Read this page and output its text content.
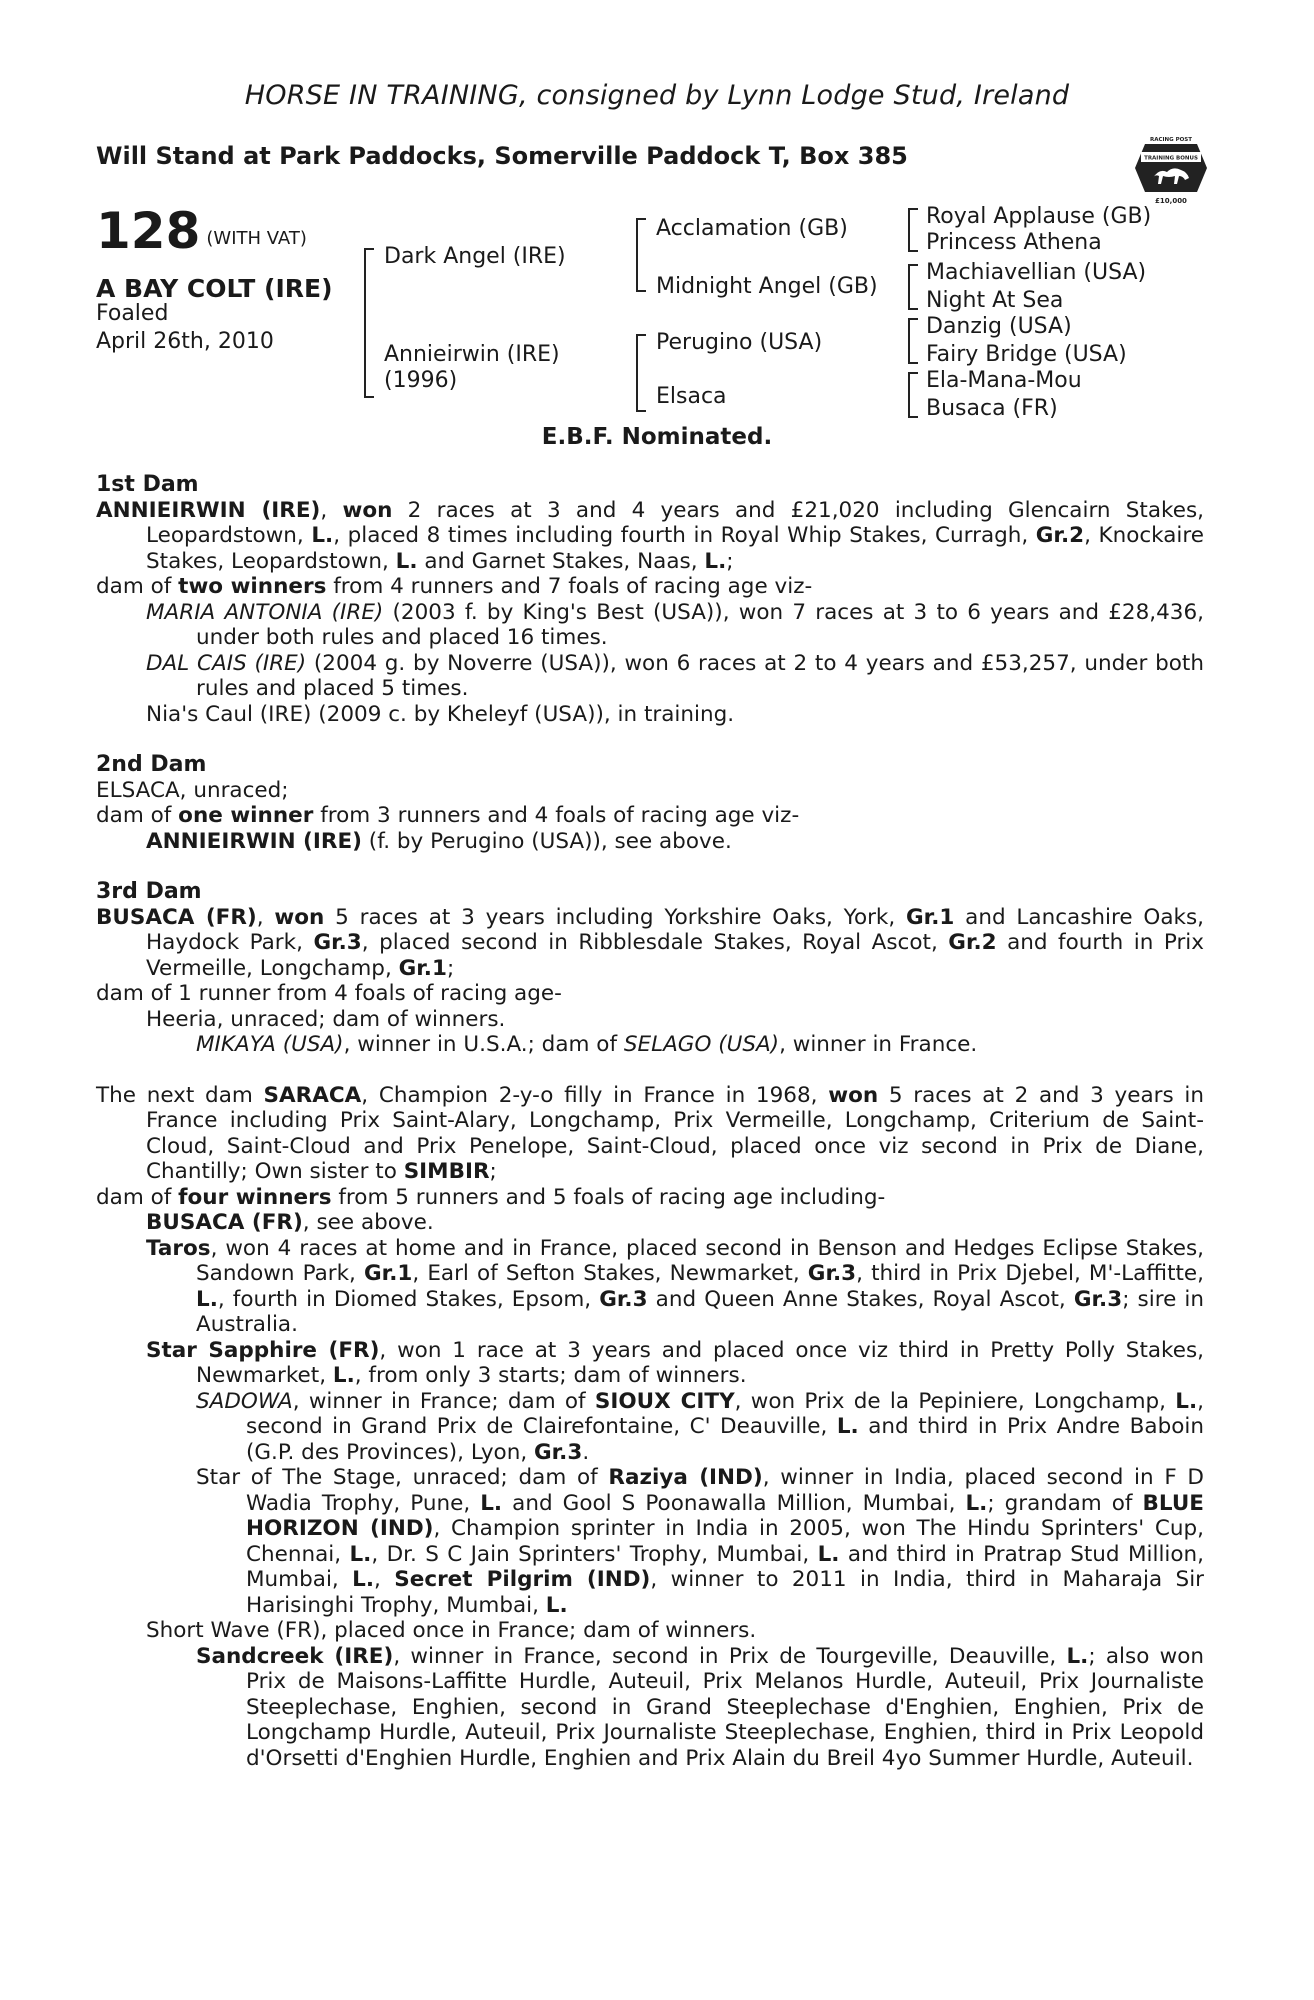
HORSE IN TRAINING, consigned by Lynn Lodge Stud, Ireland
Will Stand at Park Paddocks, Somerville Paddock T, Box 385
RACING POST
TRAINING BONUS
£10,000
128 (WITH VAT)
A BAY COLT (IRE)
Foaled
April 26th, 2010
Dark Angel (IRE)
Annieirwin (IRE)
(1996)
Acclamation (GB)
Midnight Angel (GB)
Perugino (USA)
Elsaca
Royal Applause (GB)
Princess Athena
Machiavellian (USA)
Night At Sea
Danzig (USA)
Fairy Bridge (USA)
Ela-Mana-Mou
Busaca (FR)
E.B.F. Nominated.

1st Dam

ANNIEIRWIN (IRE), won 2 races at 3 and 4 years and £21,020 including Glencairn Stakes, Leopardstown, L., placed 8 times including fourth in Royal Whip Stakes, Curragh, Gr.2, Knockaire Stakes, Leopardstown, L. and Garnet Stakes, Naas, L.;

dam of two winners from 4 runners and 7 foals of racing age viz-

MARIA ANTONIA (IRE) (2003 f. by King's Best (USA)), won 7 races at 3 to 6 years and £28,436, under both rules and placed 16 times.

DAL CAIS (IRE) (2004 g. by Noverre (USA)), won 6 races at 2 to 4 years and £53,257, under both rules and placed 5 times.

Nia's Caul (IRE) (2009 c. by Kheleyf (USA)), in training.

2nd Dam

ELSACA, unraced;

dam of one winner from 3 runners and 4 foals of racing age viz-

ANNIEIRWIN (IRE) (f. by Perugino (USA)), see above.

3rd Dam

BUSACA (FR), won 5 races at 3 years including Yorkshire Oaks, York, Gr.1 and Lancashire Oaks, Haydock Park, Gr.3, placed second in Ribblesdale Stakes, Royal Ascot, Gr.2 and fourth in Prix Vermeille, Longchamp, Gr.1;

dam of 1 runner from 4 foals of racing age-

Heeria, unraced; dam of winners.

MIKAYA (USA), winner in U.S.A.; dam of SELAGO (USA), winner in France.

The next dam SARACA, Champion 2-y-o filly in France in 1968, won 5 races at 2 and 3 years in France including Prix Saint-Alary, Longchamp, Prix Vermeille, Longchamp, Criterium de Saint-Cloud, Saint-Cloud and Prix Penelope, Saint-Cloud, placed once viz second in Prix de Diane, Chantilly; Own sister to SIMBIR;

dam of four winners from 5 runners and 5 foals of racing age including-

BUSACA (FR), see above.

Taros, won 4 races at home and in France, placed second in Benson and Hedges Eclipse Stakes, Sandown Park, Gr.1, Earl of Sefton Stakes, Newmarket, Gr.3, third in Prix Djebel, M'-Laffitte, L., fourth in Diomed Stakes, Epsom, Gr.3 and Queen Anne Stakes, Royal Ascot, Gr.3; sire in Australia.

Star Sapphire (FR), won 1 race at 3 years and placed once viz third in Pretty Polly Stakes, Newmarket, L., from only 3 starts; dam of winners.

SADOWA, winner in France; dam of SIOUX CITY, won Prix de la Pepiniere, Longchamp, L., second in Grand Prix de Clairefontaine, C' Deauville, L. and third in Prix Andre Baboin (G.P. des Provinces), Lyon, Gr.3.

Star of The Stage, unraced; dam of Raziya (IND), winner in India, placed second in F D Wadia Trophy, Pune, L. and Gool S Poonawalla Million, Mumbai, L.; grandam of BLUE HORIZON (IND), Champion sprinter in India in 2005, won The Hindu Sprinters' Cup, Chennai, L., Dr. S C Jain Sprinters' Trophy, Mumbai, L. and third in Pratrap Stud Million, Mumbai, L., Secret Pilgrim (IND), winner to 2011 in India, third in Maharaja Sir Harisinghi Trophy, Mumbai, L.

Short Wave (FR), placed once in France; dam of winners.

Sandcreek (IRE), winner in France, second in Prix de Tourgeville, Deauville, L.; also won Prix de Maisons-Laffitte Hurdle, Auteuil, Prix Melanos Hurdle, Auteuil, Prix Journaliste Steeplechase, Enghien, second in Grand Steeplechase d'Enghien, Enghien, Prix de Longchamp Hurdle, Auteuil, Prix Journaliste Steeplechase, Enghien, third in Prix Leopold d'Orsetti d'Enghien Hurdle, Enghien and Prix Alain du Breil 4yo Summer Hurdle, Auteuil.
